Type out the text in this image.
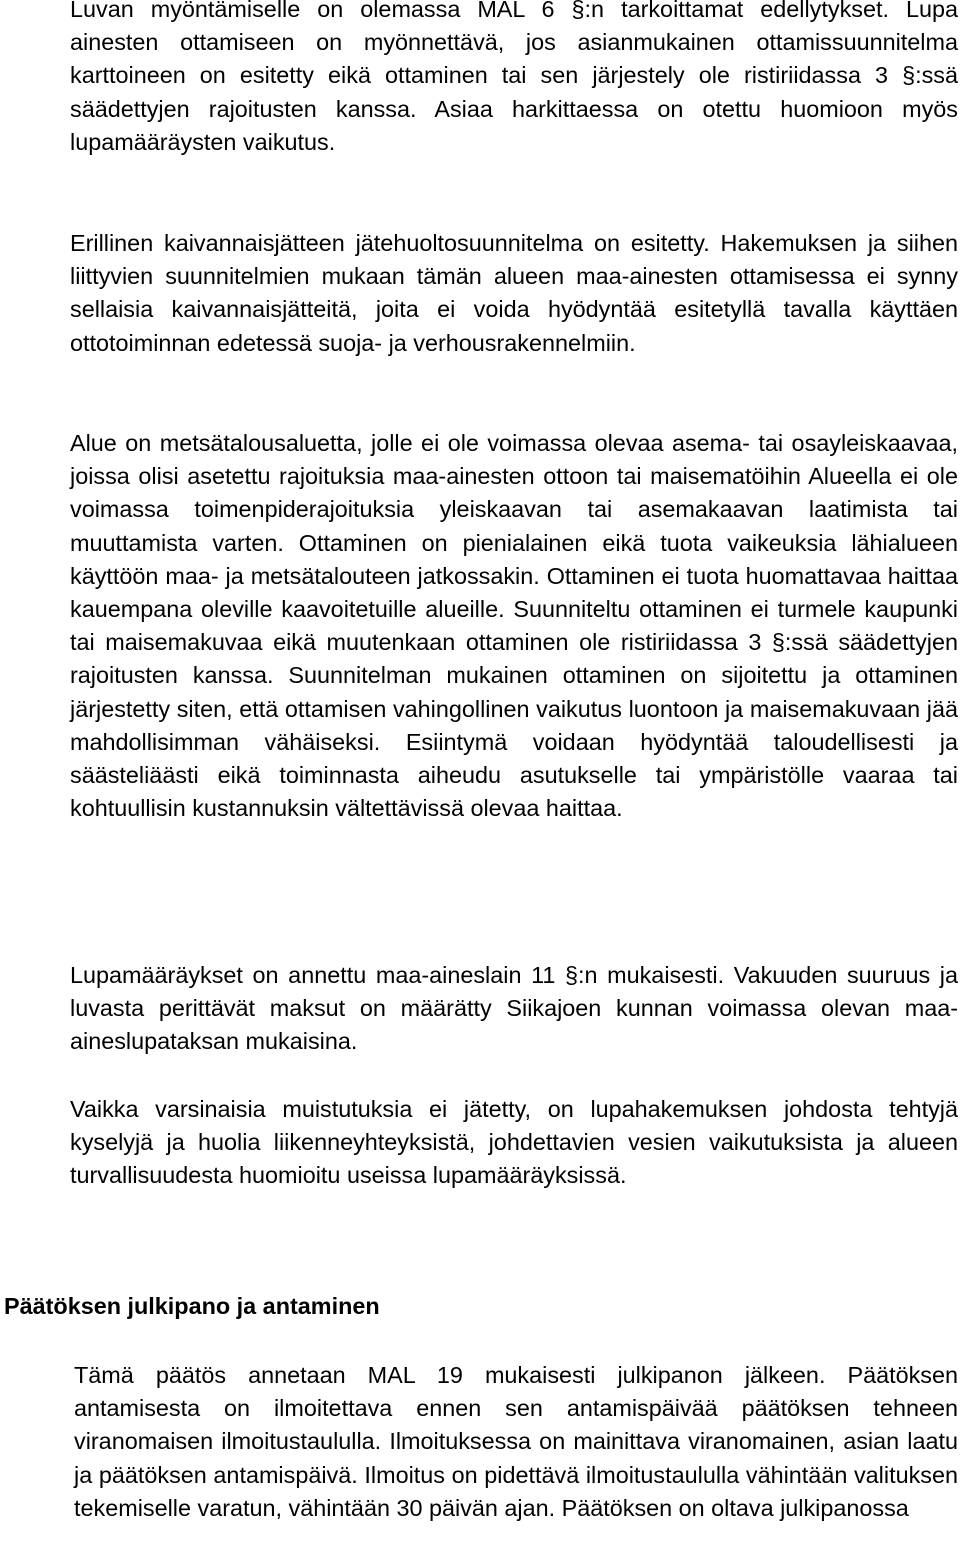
Luvan myöntämiselle on olemassa MAL 6 §:n tarkoittamat edellytykset. Lupa ainesten ottamiseen on myönnettävä, jos asianmukainen ottamissuunnitelma karttoineen on esitetty eikä ottaminen tai sen järjestely ole ristiriidassa 3 §:ssä säädettyjen rajoitusten kanssa. Asiaa harkittaessa on otettu huomioon myös lupamääräysten vaikutus.

Erillinen kaivannaisjätteen jätehuoltosuunnitelma on esitetty. Hakemuksen ja siihen liittyvien suunnitelmien mukaan tämän alueen maa-ainesten ottamisessa ei synny sellaisia kaivannaisjätteitä, joita ei voida hyödyntää esitetyllä tavalla käyttäen ottotoiminnan edetessä suoja- ja verhousrakennelmiin.

Alue on metsätalousaluetta, jolle ei ole voimassa olevaa asema- tai osayleiskaavaa, joissa olisi asetettu rajoituksia maa-ainesten ottoon tai maisematöihin Alueella ei ole voimassa toimenpiderajoituksia yleiskaavan tai asemakaavan laatimista tai muuttamista varten. Ottaminen on pienialainen eikä tuota vaikeuksia lähialueen käyttöön maa- ja metsätalouteen jatkossakin. Ottaminen ei tuota huomattavaa haittaa kauempana oleville kaavoitetuille alueille. Suunniteltu ottaminen ei turmele kaupunki tai maisemakuvaa eikä muutenkaan ottaminen ole ristiriidassa 3 §:ssä säädettyjen rajoitusten kanssa. Suunnitelman mukainen ottaminen on sijoitettu ja ottaminen järjestetty siten, että ottamisen vahingollinen vaikutus luontoon ja maisemakuvaan jää mahdollisimman vähäiseksi. Esiintymä voidaan hyödyntää taloudellisesti ja säästeliäästi eikä toiminnasta aiheudu asutukselle tai ympäristölle vaaraa tai kohtuullisin kustannuksin vältettävissä olevaa haittaa.

Lupamääräykset on annettu maa-aineslain 11 §:n mukaisesti. Vakuuden suuruus ja luvasta perittävät maksut on määrätty Siikajoen kunnan voimassa olevan maa-aineslupataksan mukaisina.

Vaikka varsinaisia muistutuksia ei jätetty, on lupahakemuksen johdosta tehtyjä kyselyjä ja huolia liikenneyhteyksistä, johdettavien vesien vaikutuksista ja alueen turvallisuudesta huomioitu useissa lupamääräyksissä.

Päätöksen julkipano ja antaminen

Tämä päätös annetaan MAL 19 mukaisesti julkipanon jälkeen. Päätöksen antamisesta on ilmoitettava ennen sen antamispäivää päätöksen tehneen viranomaisen ilmoitustaululla. Ilmoituksessa on mainittava viranomainen, asian laatu ja päätöksen antamispäivä. Ilmoitus on pidettävä ilmoitustaululla vähintään valituksen tekemiselle varatun, vähintään 30 päivän ajan. Päätöksen on oltava julkipanossa
